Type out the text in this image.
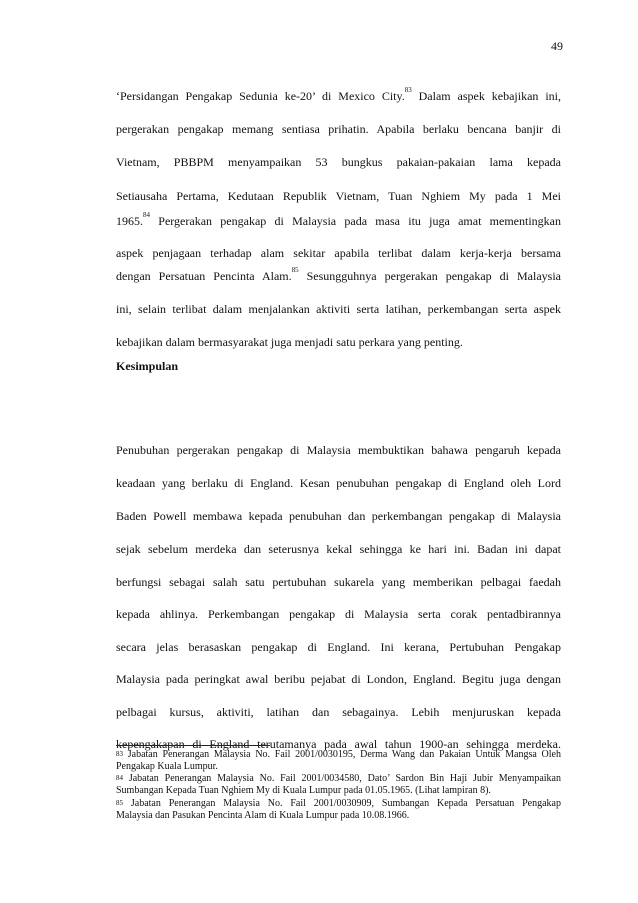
49
‘Persidangan Pengakap Sedunia ke-20’ di Mexico City.$^{83}$ Dalam aspek kebajikan ini,
pergerakan pengakap memang sentiasa prihatin. Apabila berlaku bencana banjir di
Vietnam, PBBPM menyampaikan 53 bungkus pakaian-pakaian lama kepada
Setiausaha Pertama, Kedutaan Republik Vietnam, Tuan Nghiem My pada 1 Mei
1965.84 Pergerakan pengakap di Malaysia pada masa itu juga amat mementingkan
aspek penjagaan terhadap alam sekitar apabila terlibat dalam kerja-kerja bersama
dengan Persatuan Pencinta Alam.$^{85}$ Sesungguhnya pergerakan pengakap di Malaysia
ini, selain terlibat dalam menjalankan aktiviti serta latihan, perkembangan serta aspek
kebajikan dalam bermasyarakat juga menjadi satu perkara yang penting.
Kesimpulan
Penubuhan pergerakan pengakap di Malaysia membuktikan bahawa pengaruh kepada
keadaan yang berlaku di England. Kesan penubuhan pengakap di England oleh Lord
Baden Powell membawa kepada penubuhan dan perkembangan pengakap di Malaysia
sejak sebelum merdeka dan seterusnya kekal sehingga ke hari ini. Badan ini dapat
berfungsi sebagai salah satu pertubuhan sukarela yang memberikan pelbagai faedah
kepada ahlinya. Perkembangan pengakap di Malaysia serta corak pentadbirannya
secara jelas berasaskan pengakap di England. Ini kerana, Pertubuhan Pengakap
Malaysia pada peringkat awal beribu pejabat di London, England. Begitu juga dengan
pelbagai kursus, aktiviti, latihan dan sebagainya. Lebih menjuruskan kepada
kepengakapan di England terutamanya pada awal tahun 1900-an sehingga merdeka.
$^{83}$ Jabatan Penerangan Malaysia No. Fail 2001/0030195, Derma Wang dan Pakaian Untuk Mangsa Oleh
Pengakap Kuala Lumpur.
$^{84}$ Jabatan Penerangan Malaysia No. Fail 2001/0034580, Dato’ Sardon Bin Haji Jubir Menyampaikan
Sumbangan Kepada Tuan Nghiem My di Kuala Lumpur pada 01.05.1965. (Lihat lampiran 8).
$^{85}$ Jabatan Penerangan Malaysia No. Fail 2001/0030909, Sumbangan Kepada Persatuan Pengakap
Malaysia dan Pasukan Pencinta Alam di Kuala Lumpur pada 10.08.1966.
